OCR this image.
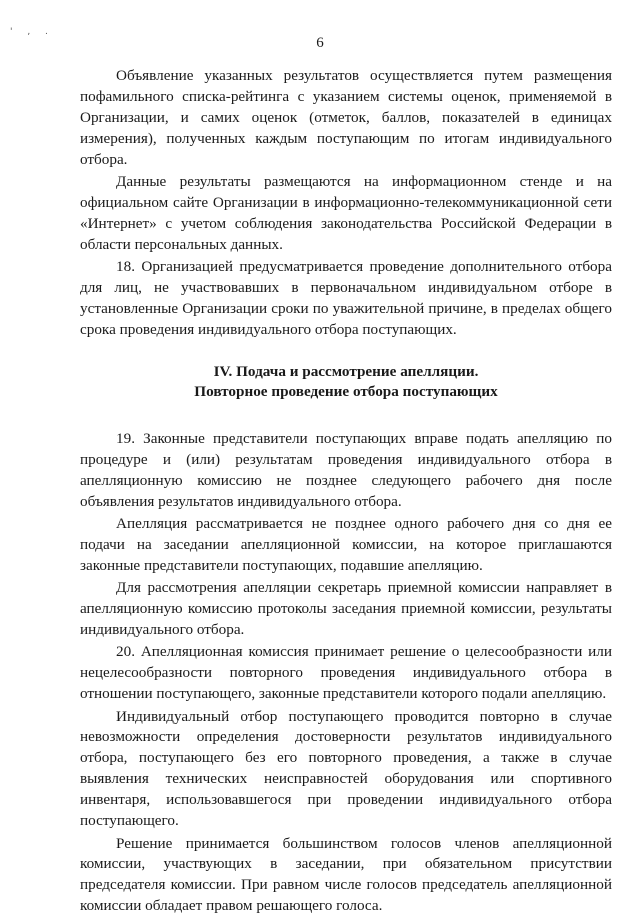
' , .
6

Объявление указанных результатов осуществляется путем размещения пофамильного списка-рейтинга с указанием системы оценок, применяемой в Организации, и самих оценок (отметок, баллов, показателей в единицах измерения), полученных каждым поступающим по итогам индивидуального отбора.

Данные результаты размещаются на информационном стенде и на официальном сайте Организации в информационно-телекоммуникационной сети «Интернет» с учетом соблюдения законодательства Российской Федерации в области персональных данных.

18. Организацией предусматривается проведение дополнительного отбора для лиц, не участвовавших в первоначальном индивидуальном отборе в установленные Организации сроки по уважительной причине, в пределах общего срока проведения индивидуального отбора поступающих.

IV. Подача и рассмотрение апелляции.
Повторное проведение отбора поступающих

19. Законные представители поступающих вправе подать апелляцию по процедуре и (или) результатам проведения индивидуального отбора в апелляционную комиссию не позднее следующего рабочего дня после объявления результатов индивидуального отбора.

Апелляция рассматривается не позднее одного рабочего дня со дня ее подачи на заседании апелляционной комиссии, на которое приглашаются законные представители поступающих, подавшие апелляцию.

Для рассмотрения апелляции секретарь приемной комиссии направляет в апелляционную комиссию протоколы заседания приемной комиссии, результаты индивидуального отбора.

20. Апелляционная комиссия принимает решение о целесообразности или нецелесообразности повторного проведения индивидуального отбора в отношении поступающего, законные представители которого подали апелляцию.

Индивидуальный отбор поступающего проводится повторно в случае невозможности определения достоверности результатов индивидуального отбора, поступающего без его повторного проведения, а также в случае выявления технических неисправностей оборудования или спортивного инвентаря, использовавшегося при проведении индивидуального отбора поступающего.

Решение принимается большинством голосов членов апелляционной комиссии, участвующих в заседании, при обязательном присутствии председателя комиссии. При равном числе голосов председатель апелляционной комиссии обладает правом решающего голоса.
